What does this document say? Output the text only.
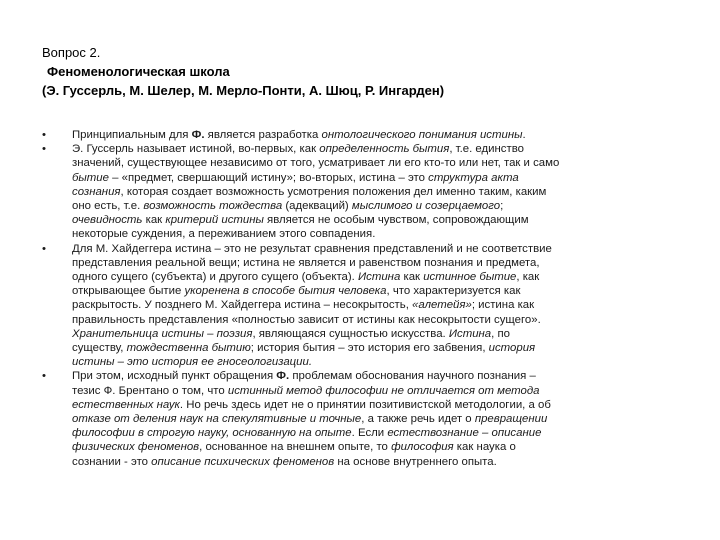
Вопрос 2.
Феноменологическая школа
(Э. Гуссерль, М. Шелер, М. Мерло-Понти, А. Шюц, Р. Ингарден)
•	Принципиальным для Ф. является разработка онтологического понимания истины.
•	Э. Гуссерль называет истиной, во-первых, как определенность бытия, т.е. единство
значений, существующее независимо от того, усматривает ли его кто-то или нет, так и само
бытие – «предмет, свершающий истину»; во-вторых, истина – это структура акта
сознания, которая создает возможность усмотрения положения дел именно таким, каким
оно есть, т.е. возможность тождества (адекваций) мыслимого и созерцаемого;
очевидность как критерий истины является не особым чувством, сопровождающим
некоторые суждения, а переживанием этого совпадения.
•	Для М. Хайдеггера истина – это не результат сравнения представлений и не соответствие
представления реальной вещи; истина не является и равенством познания и предмета,
одного сущего (субъекта) и другого сущего (объекта). Истина как истинное бытие, как
открывающее бытие укоренена в способе бытия человека, что характеризуется как
раскрытость. У позднего М. Хайдеггера истина – несокрытость, «алетейя»; истина как
правильность представления «полностью зависит от истины как несокрытости сущего».
Хранительница истины – поэзия, являющаяся сущностью искусства. Истина, по
существу, тождественна бытию; история бытия – это история его забвения, история
истины – это история ее гносеологизации.
•	При этом, исходный пункт обращения Ф. проблемам обоснования научного познания –
тезис Ф. Брентано о том, что истинный метод философии не отличается от метода
естественных наук. Но речь здесь идет не о принятии позитивистской методологии, а об
отказе от деления наук на спекулятивные и точные, а также речь идет о превращении
философии в строгую науку, основанную на опыте. Если естествознание – описание
физических феноменов, основанное на внешнем опыте, то философия как наука о
сознании - это описание психических феноменов на основе внутреннего опыта.
